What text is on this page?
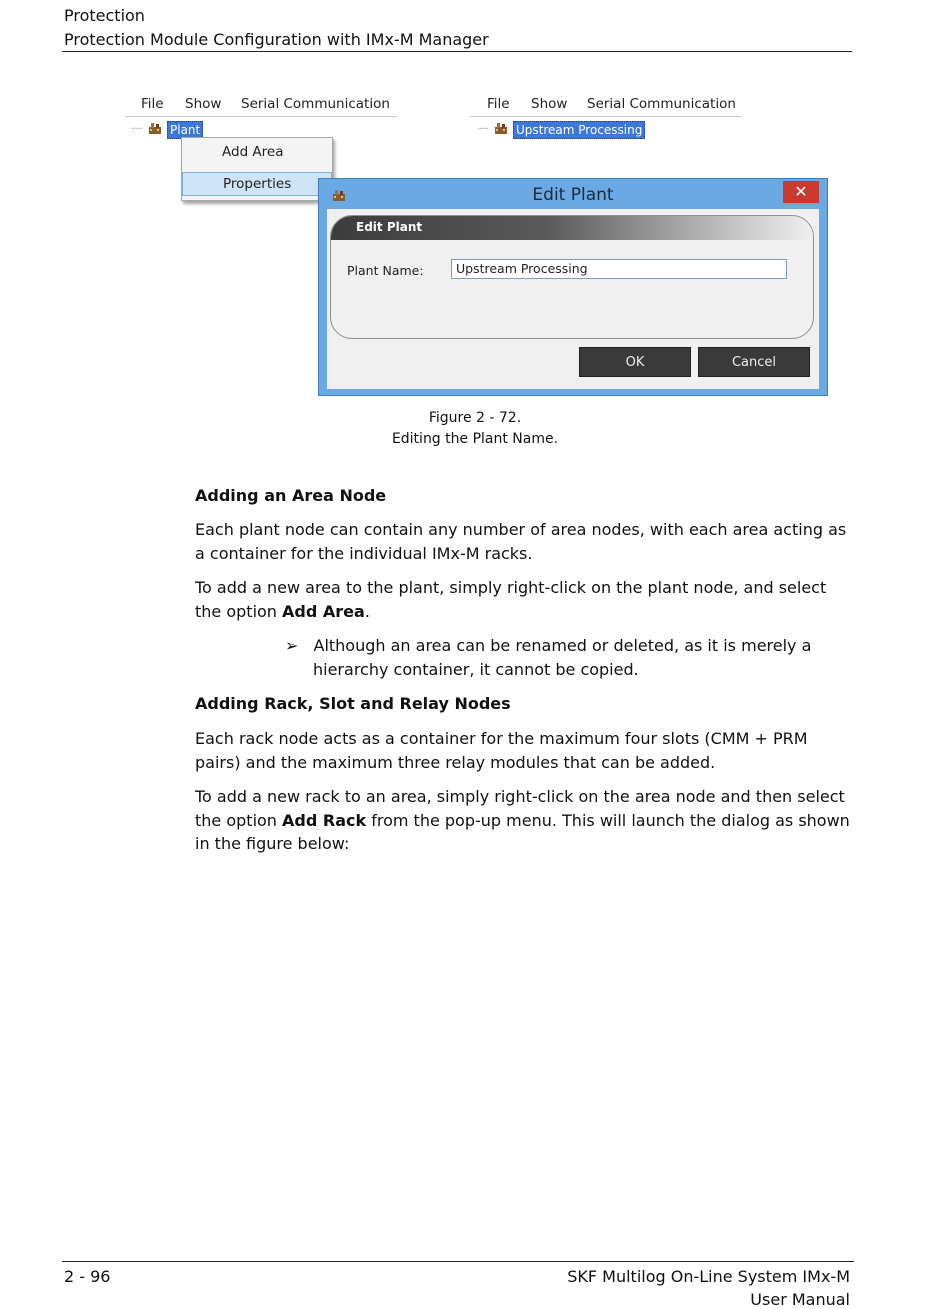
Protection
Protection Module Configuration with IMx-M Manager
File Show Serial Communication
····· Plant
Add Area
Properties
File Show Serial Communication
····· Upstream Processing
Edit Plant	✕
Edit Plant
Plant Name:	Upstream Processing
OK	Cancel
Figure 2 - 72.
Editing the Plant Name.
Adding an Area Node
Each plant node can contain any number of area nodes, with each area acting as a container for the individual IMx-M racks.
To add a new area to the plant, simply right-click on the plant node, and select the option Add Area.
➢ Although an area can be renamed or deleted, as it is merely a
hierarchy container, it cannot be copied.
Adding Rack, Slot and Relay Nodes
Each rack node acts as a container for the maximum four slots (CMM + PRM pairs) and the maximum three relay modules that can be added.
To add a new rack to an area, simply right-click on the area node and then select the option Add Rack from the pop-up menu. This will launch the dialog as shown in the figure below:
2 - 96	SKF Multilog On-Line System IMx-M
User Manual
